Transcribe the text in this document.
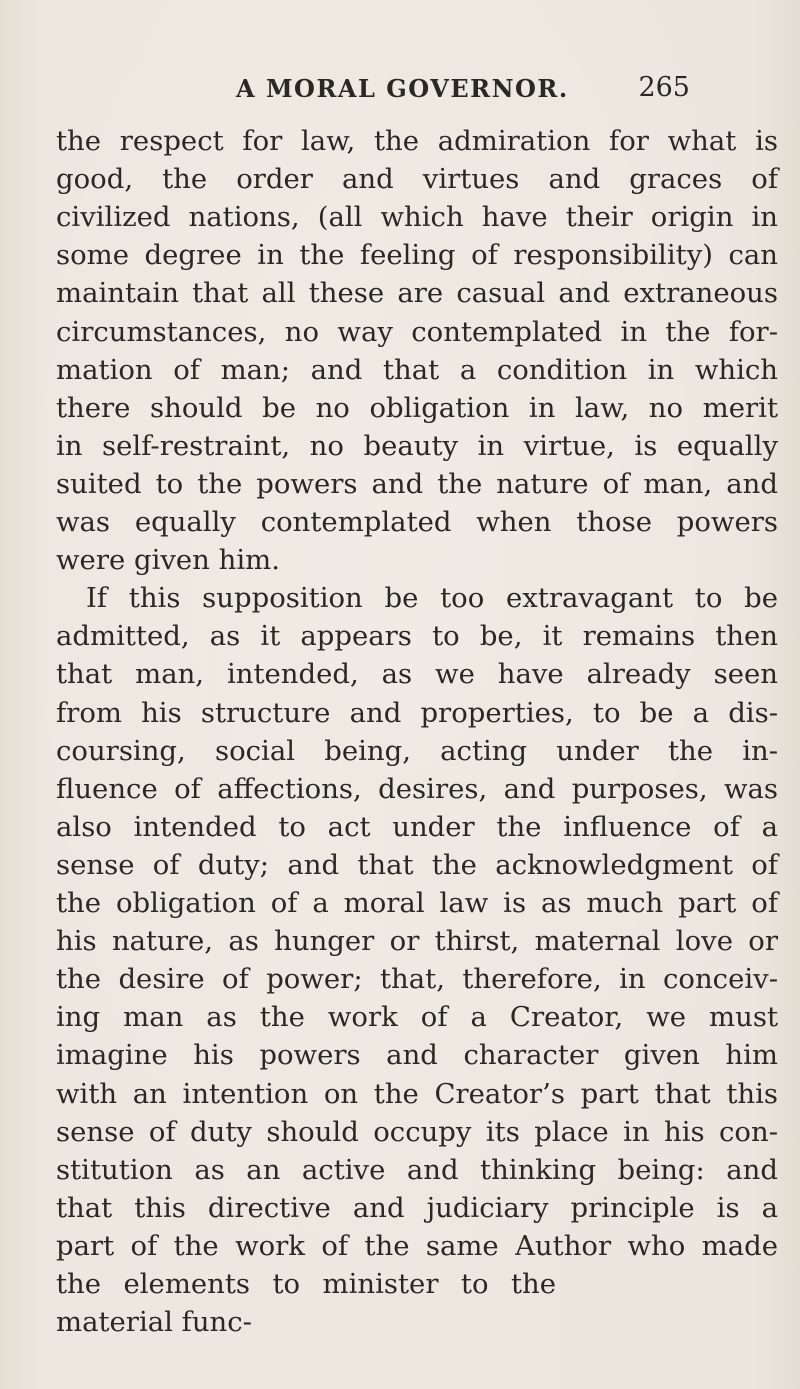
A MORAL GOVERNOR.	265
the respect for law, the admiration for what is
good, the order and virtues and graces of
civilized nations, (all which have their origin in
some degree in the feeling of responsibility) can
maintain that all these are casual and extraneous
circumstances, no way contemplated in the for-
mation of man; and that a condition in which
there should be no obligation in law, no merit
in self-restraint, no beauty in virtue, is equally
suited to the powers and the nature of man, and
was equally contemplated when those powers
were given him.
If this supposition be too extravagant to be
admitted, as it appears to be, it remains then
that man, intended, as we have already seen
from his structure and properties, to be a dis-
coursing, social being, acting under the in-
fluence of affections, desires, and purposes, was
also intended to act under the influence of a
sense of duty; and that the acknowledgment of
the obligation of a moral law is as much part of
his nature, as hunger or thirst, maternal love or
the desire of power; that, therefore, in conceiv-
ing man as the work of a Creator, we must
imagine his powers and character given him
with an intention on the Creator’s part that this
sense of duty should occupy its place in his con-
stitution as an active and thinking being: and
that this directive and judiciary principle is a
part of the work of the same Author who made
the elements to minister to the material func-
